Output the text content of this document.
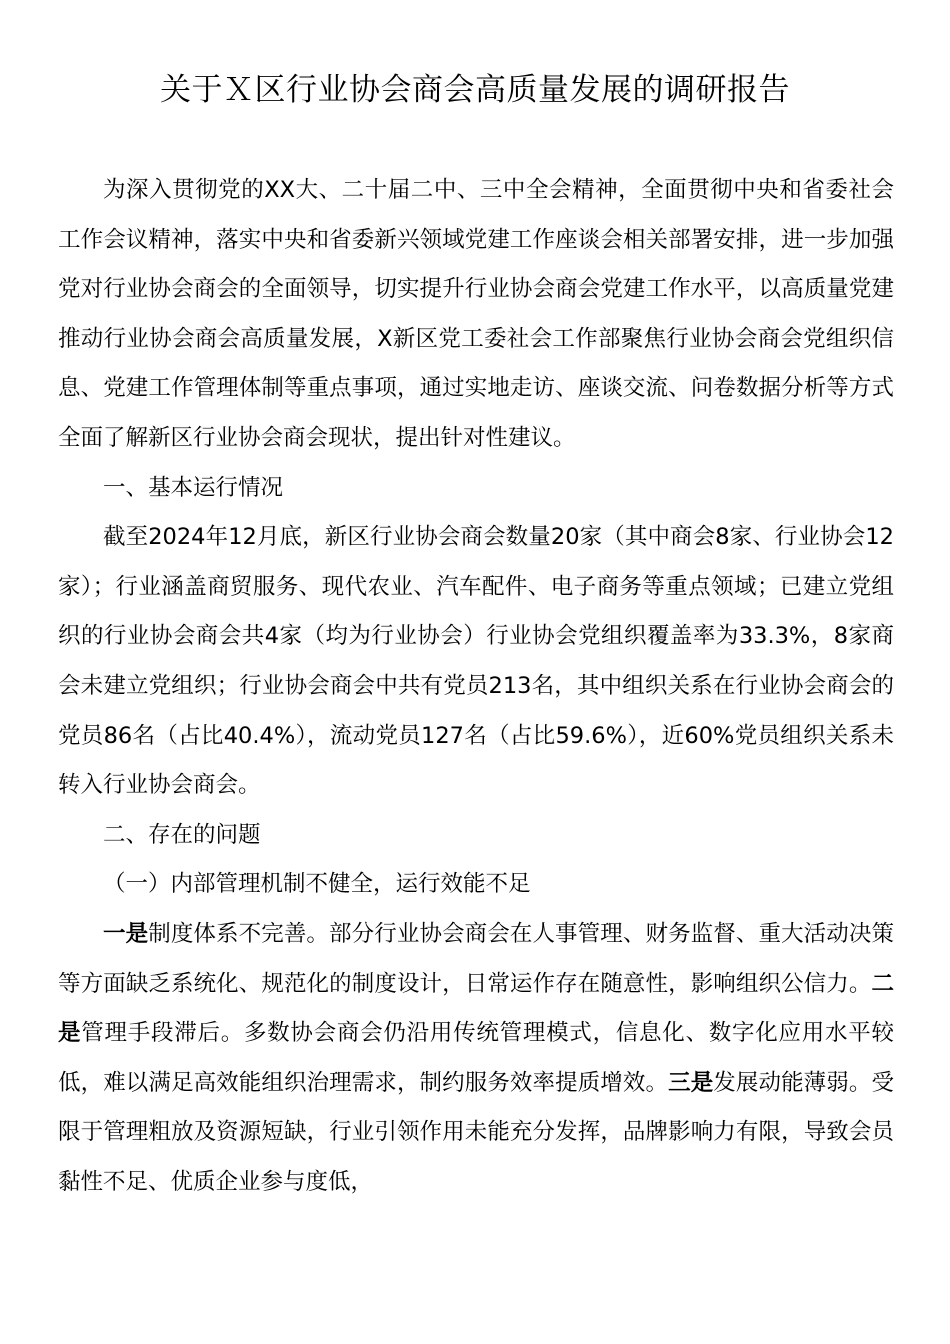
关于Ｘ区行业协会商会高质量发展的调研报告

为深入贯彻党的XX大、二十届二中、三中全会精神，全面贯彻中央和省委社会工作会议精神，落实中央和省委新兴领域党建工作座谈会相关部署安排，进一步加强党对行业协会商会的全面领导，切实提升行业协会商会党建工作水平，以高质量党建推动行业协会商会高质量发展，X新区党工委社会工作部聚焦行业协会商会党组织信息、党建工作管理体制等重点事项，通过实地走访、座谈交流、问卷数据分析等方式全面了解新区行业协会商会现状，提出针对性建议。

一、基本运行情况

截至2024年12月底，新区行业协会商会数量20家（其中商会8家、行业协会12家）；行业涵盖商贸服务、现代农业、汽车配件、电子商务等重点领域；已建立党组织的行业协会商会共4家（均为行业协会）行业协会党组织覆盖率为33.3%，8家商会未建立党组织；行业协会商会中共有党员213名，其中组织关系在行业协会商会的党员86名（占比40.4%），流动党员127名（占比59.6%），近60%党员组织关系未转入行业协会商会。

二、存在的问题

（一）内部管理机制不健全，运行效能不足

一是制度体系不完善。部分行业协会商会在人事管理、财务监督、重大活动决策等方面缺乏系统化、规范化的制度设计，日常运作存在随意性，影响组织公信力。二是管理手段滞后。多数协会商会仍沿用传统管理模式，信息化、数字化应用水平较低，难以满足高效能组织治理需求，制约服务效率提质增效。三是发展动能薄弱。受限于管理粗放及资源短缺，行业引领作用未能充分发挥，品牌影响力有限，导致会员黏性不足、优质企业参与度低，
